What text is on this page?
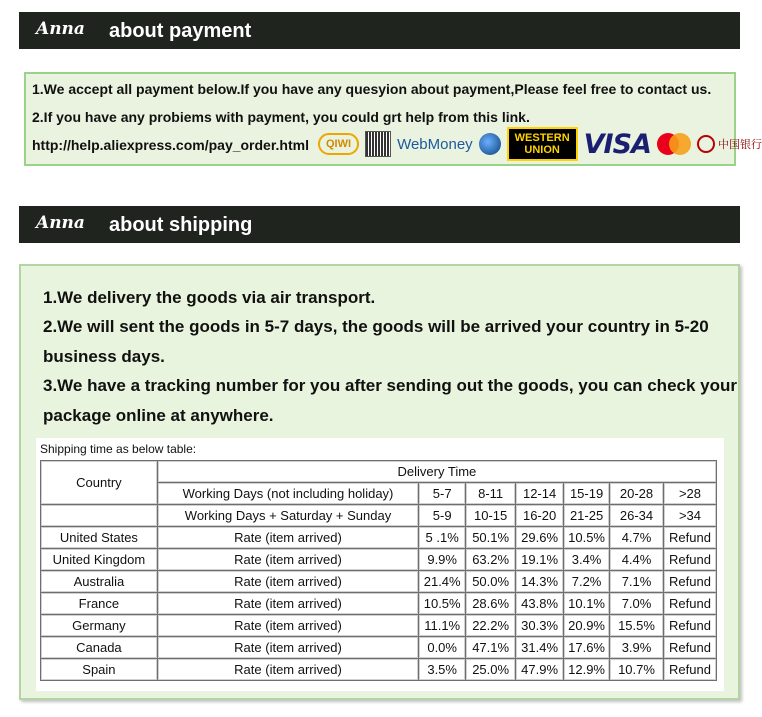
Anna about payment
1.We accept all payment below.If you have any quesyion about payment,Please feel free to contact us.
2.If you have any probiems with payment, you could grt help from this link.
http://help.aliexpress.com/pay_order.html	QIWI	WebMoney	WESTERN
UNION VISA	中国银行
Anna about shipping
1.We delivery the goods via air transport.
2.We will sent the goods in 5-7 days, the goods will be arrived your country in 5-20
business days.
3.We have a tracking number for you after sending out the goods, you can check your
package online at anywhere.
Shipping time as below table:
Country	Delivery Time						
	Working Days (not including holiday)	5-7	8-11	12-14	15-19	20-28	>28
	Working Days + Saturday + Sunday	5-9	10-15	16-20	21-25	26-34	>34
United States	Rate (item arrived)	5 .1%	50.1%	29.6%	10.5%	4.7%	Refund
United Kingdom	Rate (item arrived)	9.9%	63.2%	19.1%	3.4%	4.4%	Refund
Australia	Rate (item arrived)	21.4%	50.0%	14.3%	7.2%	7.1%	Refund
France	Rate (item arrived)	10.5%	28.6%	43.8%	10.1%	7.0%	Refund
Germany	Rate (item arrived)	11.1%	22.2%	30.3%	20.9%	15.5%	Refund
Canada	Rate (item arrived)	0.0%	47.1%	31.4%	17.6%	3.9%	Refund
Spain	Rate (item arrived)	3.5%	25.0%	47.9%	12.9%	10.7%	Refund
